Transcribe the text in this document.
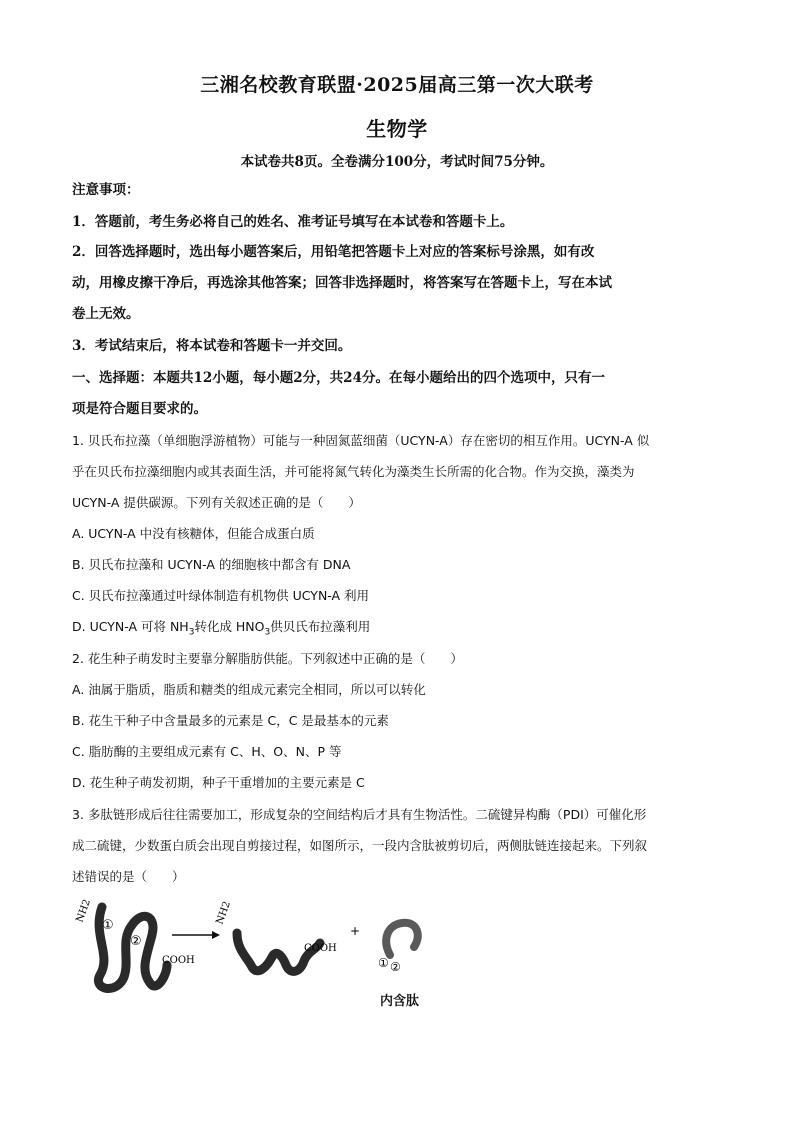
三湘名校教育联盟·2025届高三第一次大联考
生物学
本试卷共8页。全卷满分100分，考试时间75分钟。
注意事项：
1．答题前，考生务必将自己的姓名、准考证号填写在本试卷和答题卡上。
2．回答选择题时，选出每小题答案后，用铅笔把答题卡上对应的答案标号涂黑，如有改
动，用橡皮擦干净后，再选涂其他答案；回答非选择题时，将答案写在答题卡上，写在本试
卷上无效。
3．考试结束后，将本试卷和答题卡一并交回。
一、选择题：本题共12小题，每小题2分，共24分。在每小题给出的四个选项中，只有一
项是符合题目要求的。
1. 贝氏布拉藻（单细胞浮游植物）可能与一种固氮蓝细菌（UCYN-A）存在密切的相互作用。UCYN-A 似
乎在贝氏布拉藻细胞内或其表面生活，并可能将氮气转化为藻类生长所需的化合物。作为交换，藻类为
UCYN-A 提供碳源。下列有关叙述正确的是（　　）
A. UCYN-A 中没有核糖体，但能合成蛋白质
B. 贝氏布拉藻和 UCYN-A 的细胞核中都含有 DNA
C. 贝氏布拉藻通过叶绿体制造有机物供 UCYN-A 利用
D. UCYN-A 可将 $NH_3$转化成 $HNO_3$供贝氏布拉藻利用
2. 花生种子萌发时主要靠分解脂肪供能。下列叙述中正确的是（　　）
A. 油属于脂质，脂质和糖类的组成元素完全相同，所以可以转化
B. 花生干种子中含量最多的元素是 C，C 是最基本的元素
C. 脂肪酶的主要组成元素有 C、H、O、N、P 等
D. 花生种子萌发初期，种子干重增加的主要元素是 C
3. 多肽链形成后往往需要加工，形成复杂的空间结构后才具有生物活性。二硫键异构酶（PDI）可催化形
成二硫键，少数蛋白质会出现自剪接过程，如图所示，一段内含肽被剪切后，两侧肽链连接起来。下列叙
述错误的是（　　）
NH2
①
②
COOH
NH2
COOH
+
① ②
内含肽
